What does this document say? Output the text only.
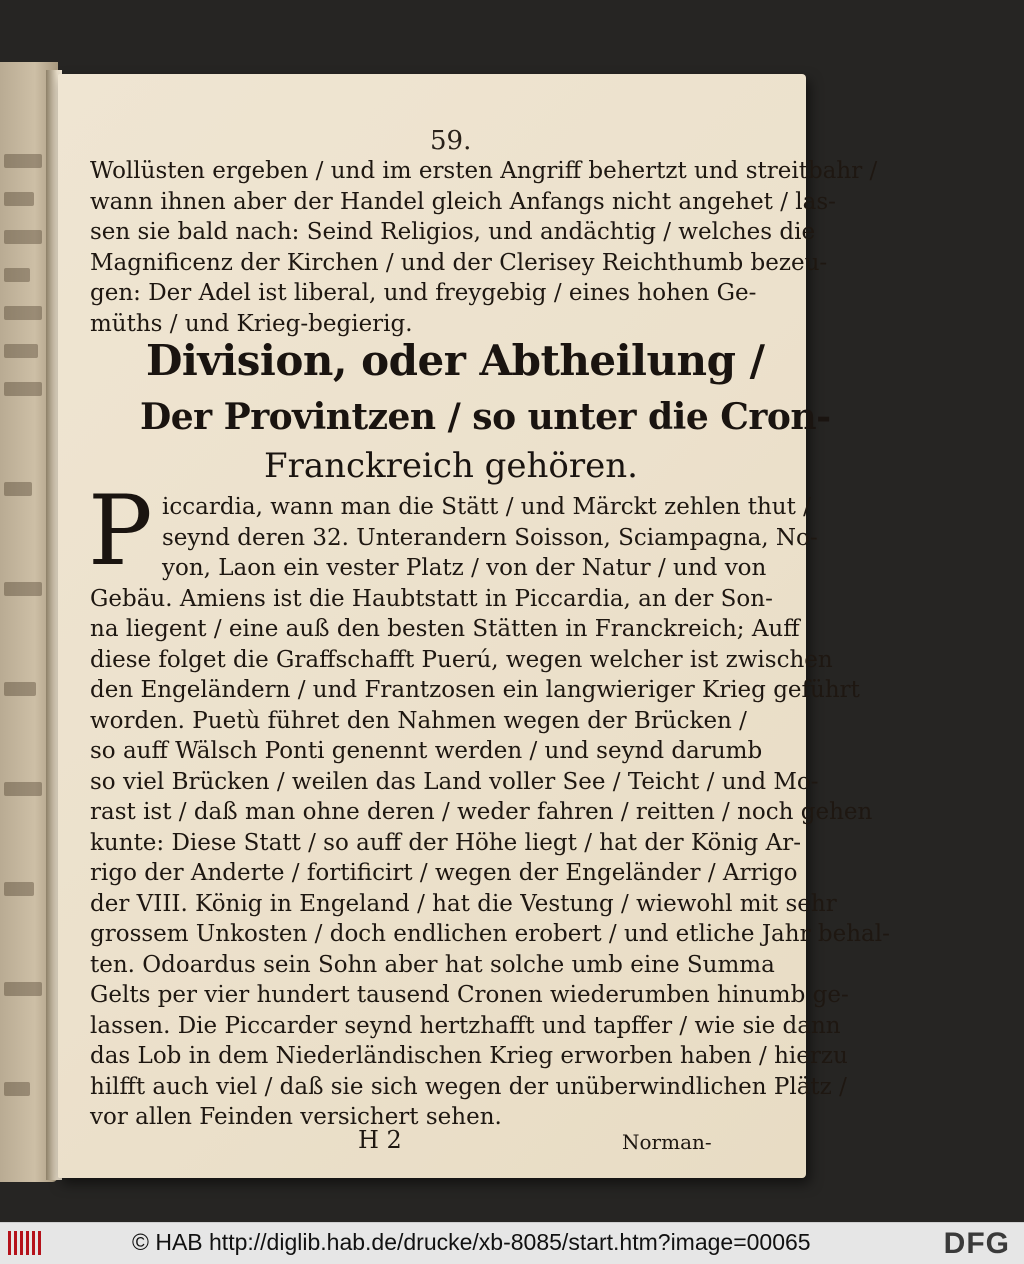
59.
Wollüsten ergeben / und im ersten Angriff behertzt und streitbahr /
wann ihnen aber der Handel gleich Anfangs nicht angehet / las-
sen sie bald nach: Seind Religios, und andächtig / welches die
Magnificenz der Kirchen / und der Clerisey Reichthumb bezeu-
gen: Der Adel ist liberal, und freygebig / eines hohen Ge-
müths / und Krieg-begierig.
Division, oder Abtheilung /
Der Provintzen / so unter die Cron-
Franckreich gehören.
P iccardia, wann man die Stätt / und Märckt zehlen thut /
seynd deren 32. Unterandern Soisson, Sciampagna, No-
yon, Laon ein vester Platz / von der Natur / und von
Gebäu. Amiens ist die Haubtstatt in Piccardia, an der Son-
na liegent / eine auß den besten Stätten in Franckreich; Auff
diese folget die Graffschafft Puerú, wegen welcher ist zwischen
den Engeländern / und Frantzosen ein langwieriger Krieg geführt
worden. Puetù führet den Nahmen wegen der Brücken /
so auff Wälsch Ponti genennt werden / und seynd darumb
so viel Brücken / weilen das Land voller See / Teicht / und Mo-
rast ist / daß man ohne deren / weder fahren / reitten / noch gehen
kunte: Diese Statt / so auff der Höhe liegt / hat der König Ar-
rigo der Anderte / fortificirt / wegen der Engeländer / Arrigo
der VIII. König in Engeland / hat die Vestung / wiewohl mit sehr
grossem Unkosten / doch endlichen erobert / und etliche Jahr behal-
ten. Odoardus sein Sohn aber hat solche umb eine Summa
Gelts per vier hundert tausend Cronen wiederumben hinumb ge-
lassen. Die Piccarder seynd hertzhafft und tapffer / wie sie dann
das Lob in dem Niederländischen Krieg erworben haben / hierzu
hilfft auch viel / daß sie sich wegen der unüberwindlichen Plätz /
vor allen Feinden versichert sehen.
H 2	Norman-
© HAB http://diglib.hab.de/drucke/xb-8085/start.htm?image=00065	DFG
